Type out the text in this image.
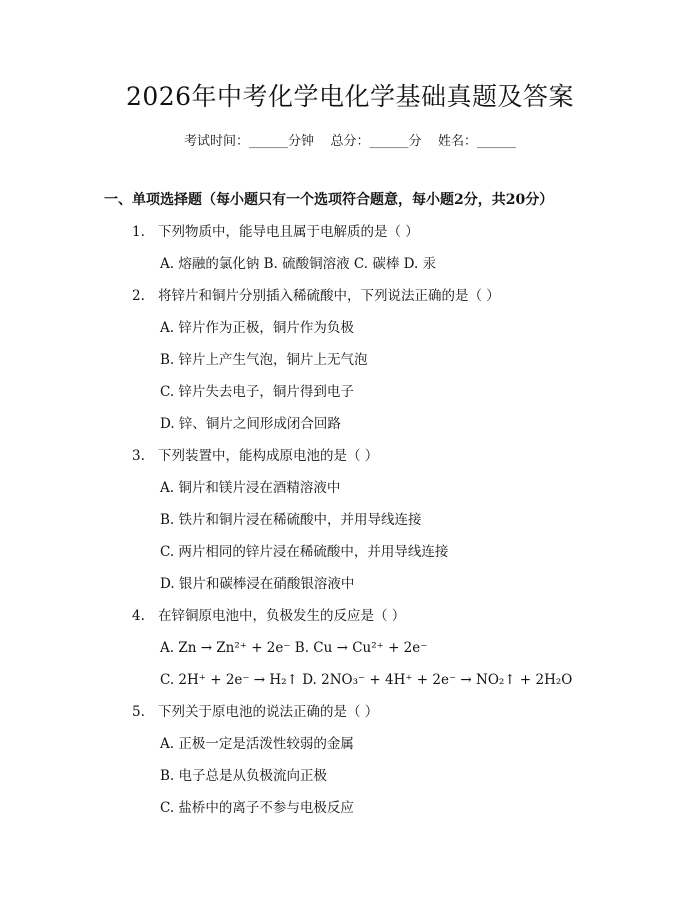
2026年中考化学电化学基础真题及答案
考试时间：______分钟    总分：______分    姓名：______
一、单项选择题（每小题只有一个选项符合题意，每小题2分，共20分）
1. 下列物质中，能导电且属于电解质的是（ ）
A. 熔融的氯化钠 B. 硫酸铜溶液 C. 碳棒 D. 汞
2. 将锌片和铜片分别插入稀硫酸中，下列说法正确的是（ ）
A. 锌片作为正极，铜片作为负极
B. 锌片上产生气泡，铜片上无气泡
C. 锌片失去电子，铜片得到电子
D. 锌、铜片之间形成闭合回路
3. 下列装置中，能构成原电池的是（ ）
A. 铜片和镁片浸在酒精溶液中
B. 铁片和铜片浸在稀硫酸中，并用导线连接
C. 两片相同的锌片浸在稀硫酸中，并用导线连接
D. 银片和碳棒浸在硝酸银溶液中
4. 在锌铜原电池中，负极发生的反应是（ ）
A. Zn → Zn²⁺ + 2e⁻ B. Cu → Cu²⁺ + 2e⁻
C. 2H⁺ + 2e⁻ → H₂↑ D. 2NO₃⁻ + 4H⁺ + 2e⁻ → NO₂↑ + 2H₂O
5. 下列关于原电池的说法正确的是（ ）
A. 正极一定是活泼性较弱的金属
B. 电子总是从负极流向正极
C. 盐桥中的离子不参与电极反应
